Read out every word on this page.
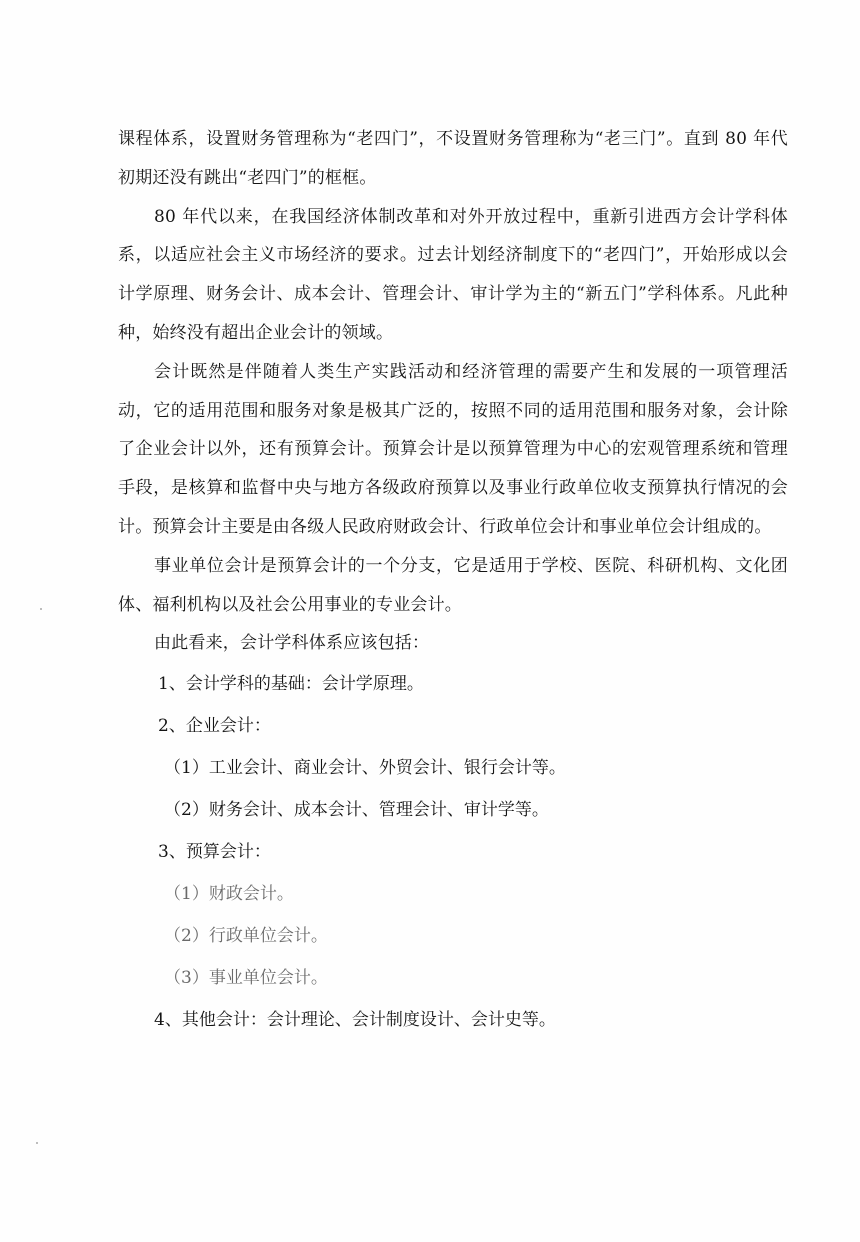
课程体系，设置财务管理称为“老四门”，不设置财务管理称为“老三门”。直到 80 年代初期还没有跳出“老四门”的框框。

80 年代以来，在我国经济体制改革和对外开放过程中，重新引进西方会计学科体系，以适应社会主义市场经济的要求。过去计划经济制度下的“老四门”，开始形成以会计学原理、财务会计、成本会计、管理会计、审计学为主的“新五门”学科体系。凡此种种，始终没有超出企业会计的领域。

会计既然是伴随着人类生产实践活动和经济管理的需要产生和发展的一项管理活动，它的适用范围和服务对象是极其广泛的，按照不同的适用范围和服务对象，会计除了企业会计以外，还有预算会计。预算会计是以预算管理为中心的宏观管理系统和管理手段，是核算和监督中央与地方各级政府预算以及事业行政单位收支预算执行情况的会计。预算会计主要是由各级人民政府财政会计、行政单位会计和事业单位会计组成的。

事业单位会计是预算会计的一个分支，它是适用于学校、医院、科研机构、文化团体、福利机构以及社会公用事业的专业会计。

由此看来，会计学科体系应该包括：

1、会计学科的基础：会计学原理。
2、企业会计：
（1）工业会计、商业会计、外贸会计、银行会计等。
（2）财务会计、成本会计、管理会计、审计学等。
3、预算会计：
（1）财政会计。
（2）行政单位会计。
（3）事业单位会计。
4、其他会计：会计理论、会计制度设计、会计史等。
